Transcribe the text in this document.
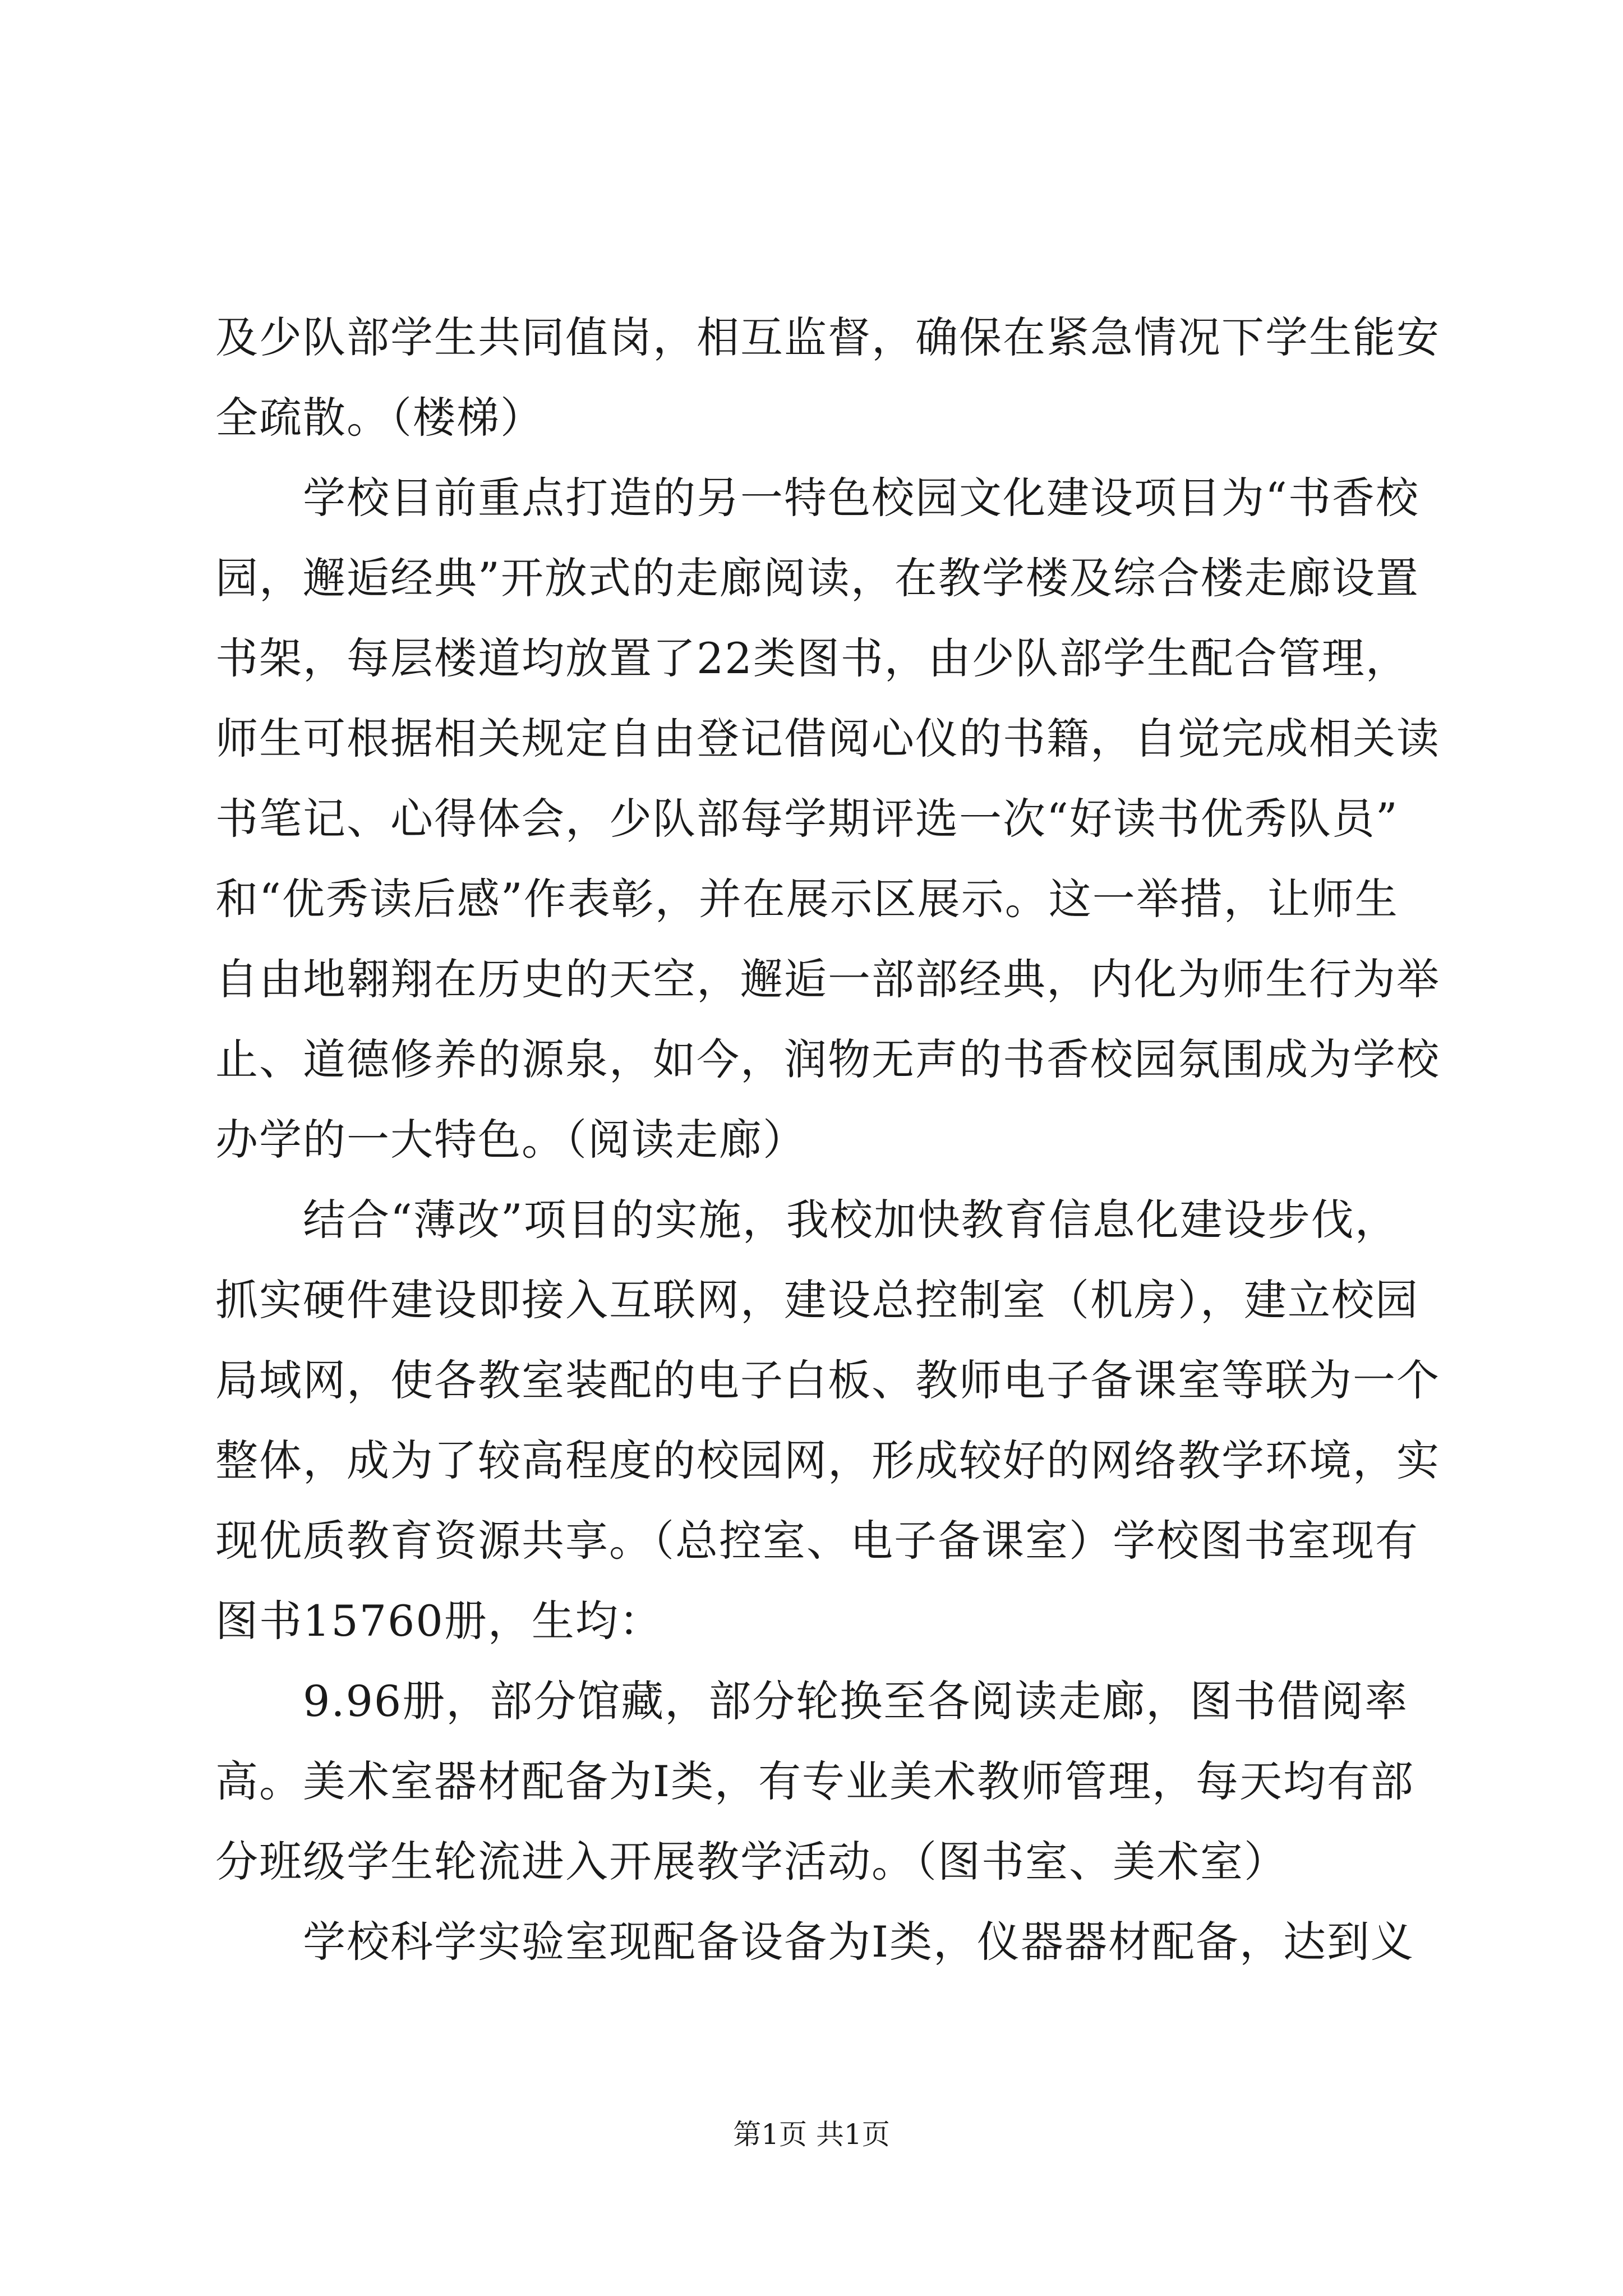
及少队部学生共同值岗，相互监督，确保在紧急情况下学生能安
全疏散。（楼梯）
学校目前重点打造的另一特色校园文化建设项目为“书香校
园，邂逅经典”开放式的走廊阅读，在教学楼及综合楼走廊设置
书架，每层楼道均放置了22类图书，由少队部学生配合管理，
师生可根据相关规定自由登记借阅心仪的书籍，自觉完成相关读
书笔记、心得体会，少队部每学期评选一次“好读书优秀队员”
和“优秀读后感”作表彰，并在展示区展示。这一举措，让师生
自由地翱翔在历史的天空，邂逅一部部经典，内化为师生行为举
止、道德修养的源泉，如今，润物无声的书香校园氛围成为学校
办学的一大特色。（阅读走廊）
结合“薄改”项目的实施，我校加快教育信息化建设步伐，
抓实硬件建设即接入互联网，建设总控制室（机房），建立校园
局域网，使各教室装配的电子白板、教师电子备课室等联为一个
整体，成为了较高程度的校园网，形成较好的网络教学环境，实
现优质教育资源共享。（总控室、电子备课室）学校图书室现有
图书15760册，生均：
9.96册，部分馆藏，部分轮换至各阅读走廊，图书借阅率
高。美术室器材配备为Ⅰ类，有专业美术教师管理，每天均有部
分班级学生轮流进入开展教学活动。（图书室、美术室）
学校科学实验室现配备设备为Ⅰ类，仪器器材配备，达到义
第1页 共1页
